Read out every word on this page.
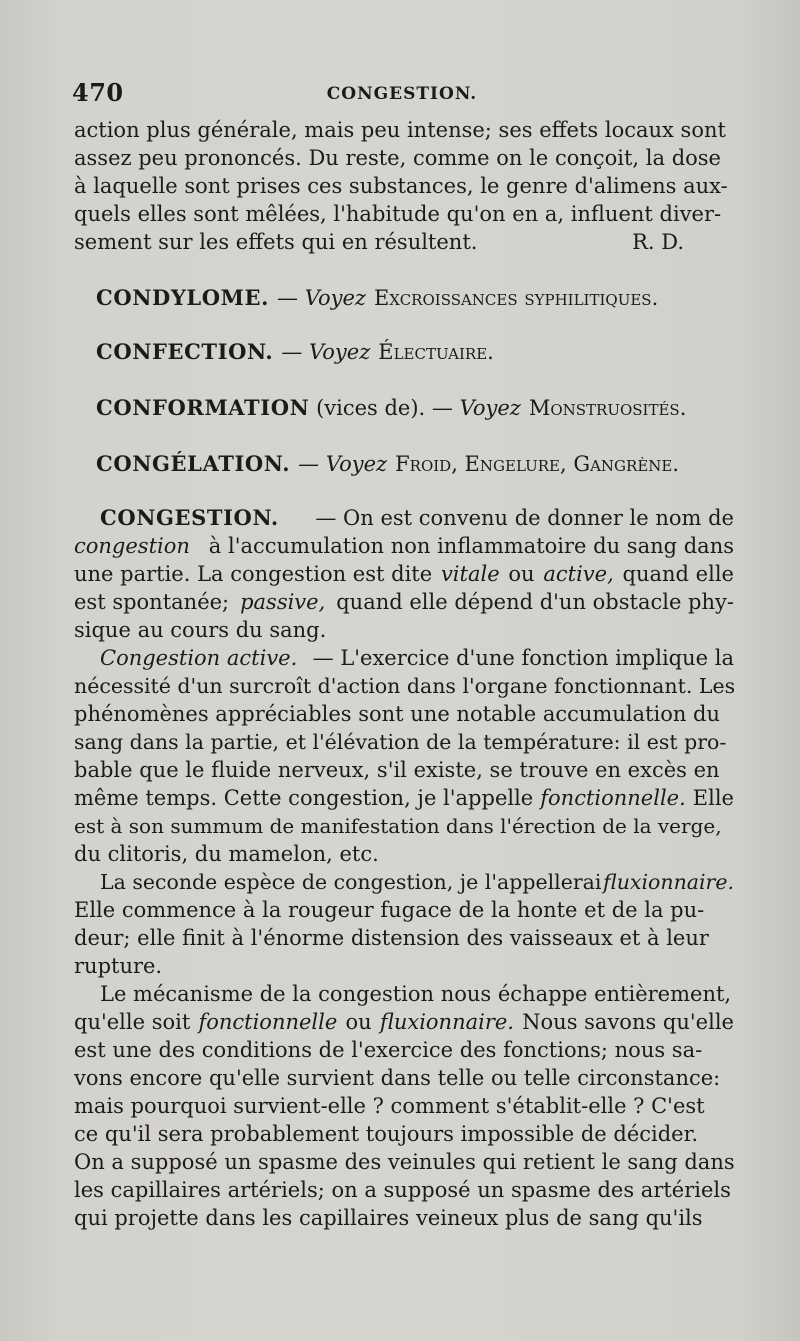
470	CONGESTION.
action plus générale, mais peu intense; ses effets locaux sont
assez peu prononcés. Du reste, comme on le conçoit, la dose
à laquelle sont prises ces substances, le genre d'alimens aux-
quels elles sont mêlées, l'habitude qu'on en a, influent diver-
sement sur les effets qui en résultent.	R. D.
CONDYLOME. — Voyez Excroissances syphilitiques.
CONFECTION. — Voyez Électuaire.
CONFORMATION (vices de). — Voyez Monstruosités.
CONGÉLATION. — Voyez Froid, Engelure, Gangrène.
CONGESTION. — On est convenu de donner le nom de
congestion à l'accumulation non inflammatoire du sang dans
une partie. La congestion est dite vitale ou active, quand elle
est spontanée; passive, quand elle dépend d'un obstacle phy-
sique au cours du sang.
Congestion active. — L'exercice d'une fonction implique la
nécessité d'un surcroît d'action dans l'organe fonctionnant. Les
phénomènes appréciables sont une notable accumulation du
sang dans la partie, et l'élévation de la température: il est pro-
bable que le fluide nerveux, s'il existe, se trouve en excès en
même temps. Cette congestion, je l'appelle fonctionnelle. Elle
est à son summum de manifestation dans l'érection de la verge,
du clitoris, du mamelon, etc.
La seconde espèce de congestion, je l'appellerai fluxionnaire.
Elle commence à la rougeur fugace de la honte et de la pu-
deur; elle finit à l'énorme distension des vaisseaux et à leur
rupture.
Le mécanisme de la congestion nous échappe entièrement,
qu'elle soit fonctionnelle ou fluxionnaire. Nous savons qu'elle
est une des conditions de l'exercice des fonctions; nous sa-
vons encore qu'elle survient dans telle ou telle circonstance:
mais pourquoi survient-elle ? comment s'établit-elle ? C'est
ce qu'il sera probablement toujours impossible de décider.
On a supposé un spasme des veinules qui retient le sang dans
les capillaires artériels; on a supposé un spasme des artériels
qui projette dans les capillaires veineux plus de sang qu'ils
